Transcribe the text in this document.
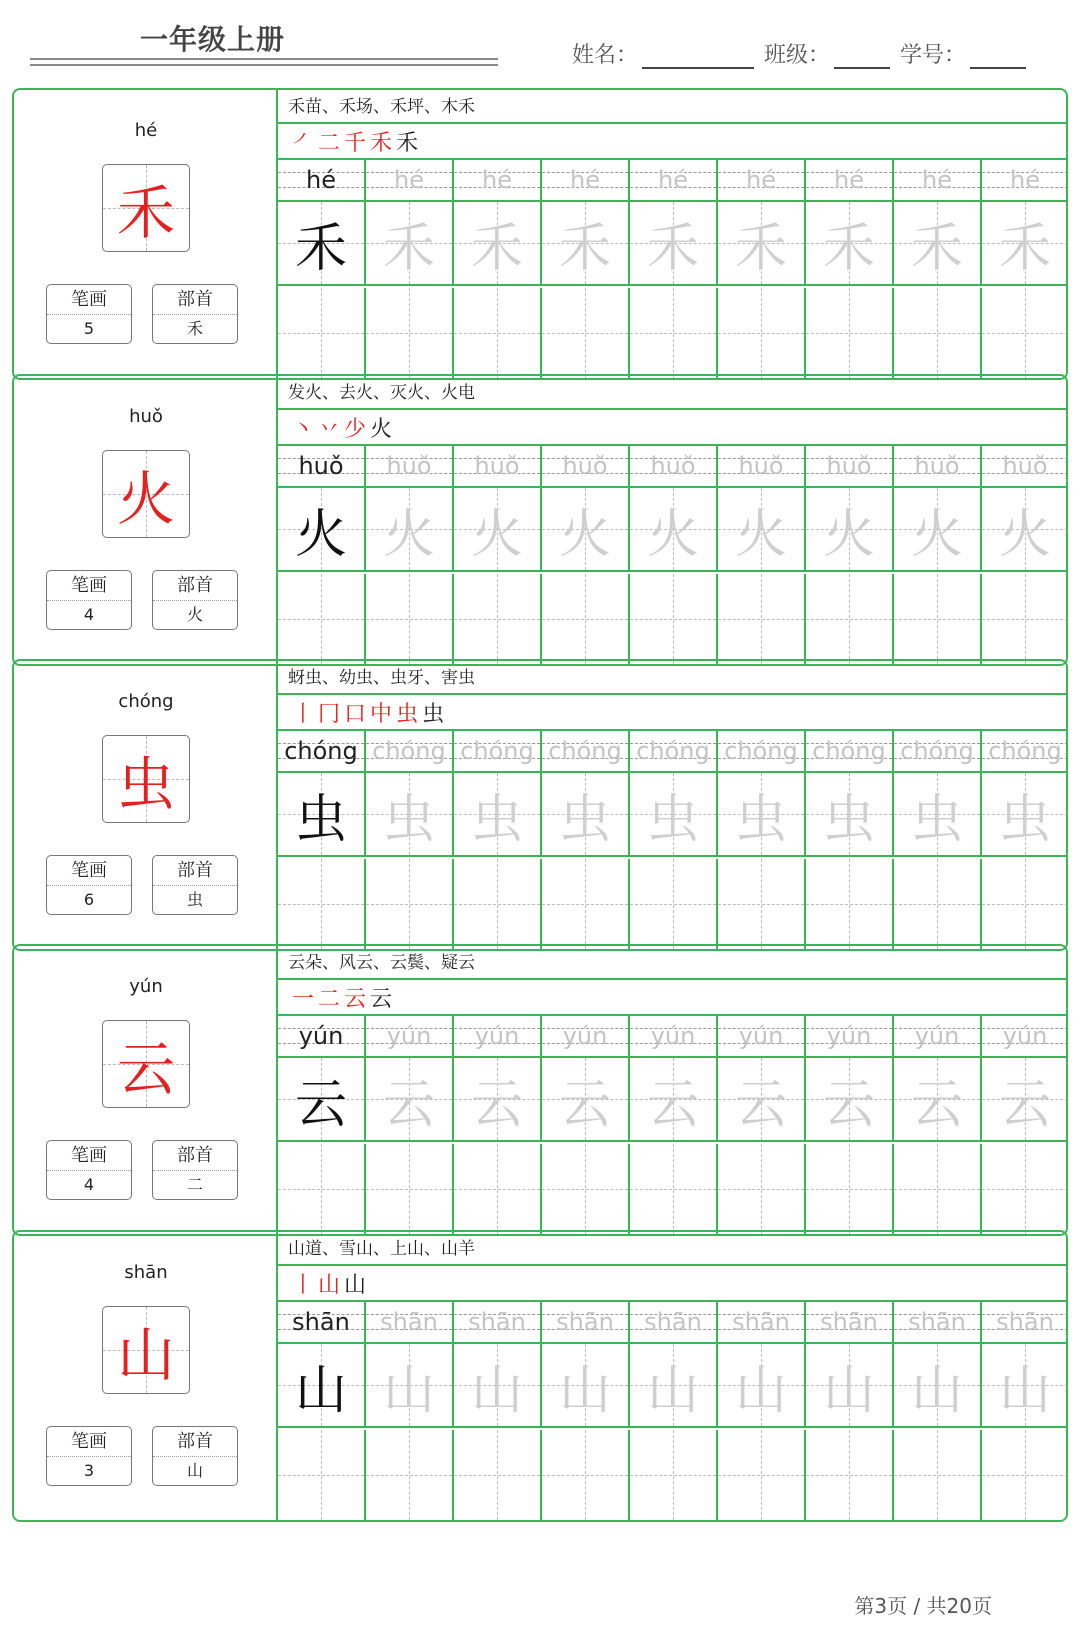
一年级上册	姓名：	班级：	学号：
hé
禾
笔画
5
部首
禾
禾苗、禾场、禾坪、木禾
㇒ 二 千 禾 禾
hé	hé	hé	hé	hé	hé	hé	hé	hé
禾 禾 禾 禾 禾 禾 禾 禾 禾
huǒ
火
笔画
4
部首
火
发火、去火、灭火、火电
丶 丷 少 火
huǒ	huǒ	huǒ	huǒ	huǒ	huǒ	huǒ	huǒ	huǒ
火 火 火 火 火 火 火 火 火
chóng
虫
笔画
6
部首
虫
蚜虫、幼虫、虫牙、害虫
丨 冂 口 中 虫 虫
chóng chóng chóng chóng chóng chóng chóng chóng chóng
虫 虫 虫 虫 虫 虫 虫 虫 虫
yún
云
笔画
4
部首
二
云朵、风云、云鬓、疑云
一 二 云 云
yún	yún	yún	yún	yún	yún	yún	yún	yún
云 云 云 云 云 云 云 云 云
shān
山
笔画
3
部首
山
山道、雪山、上山、山羊
丨 山 山
shān	shān	shān	shān	shān	shān	shān	shān	shān
山 山 山 山 山 山 山 山 山
第3页 / 共20页
